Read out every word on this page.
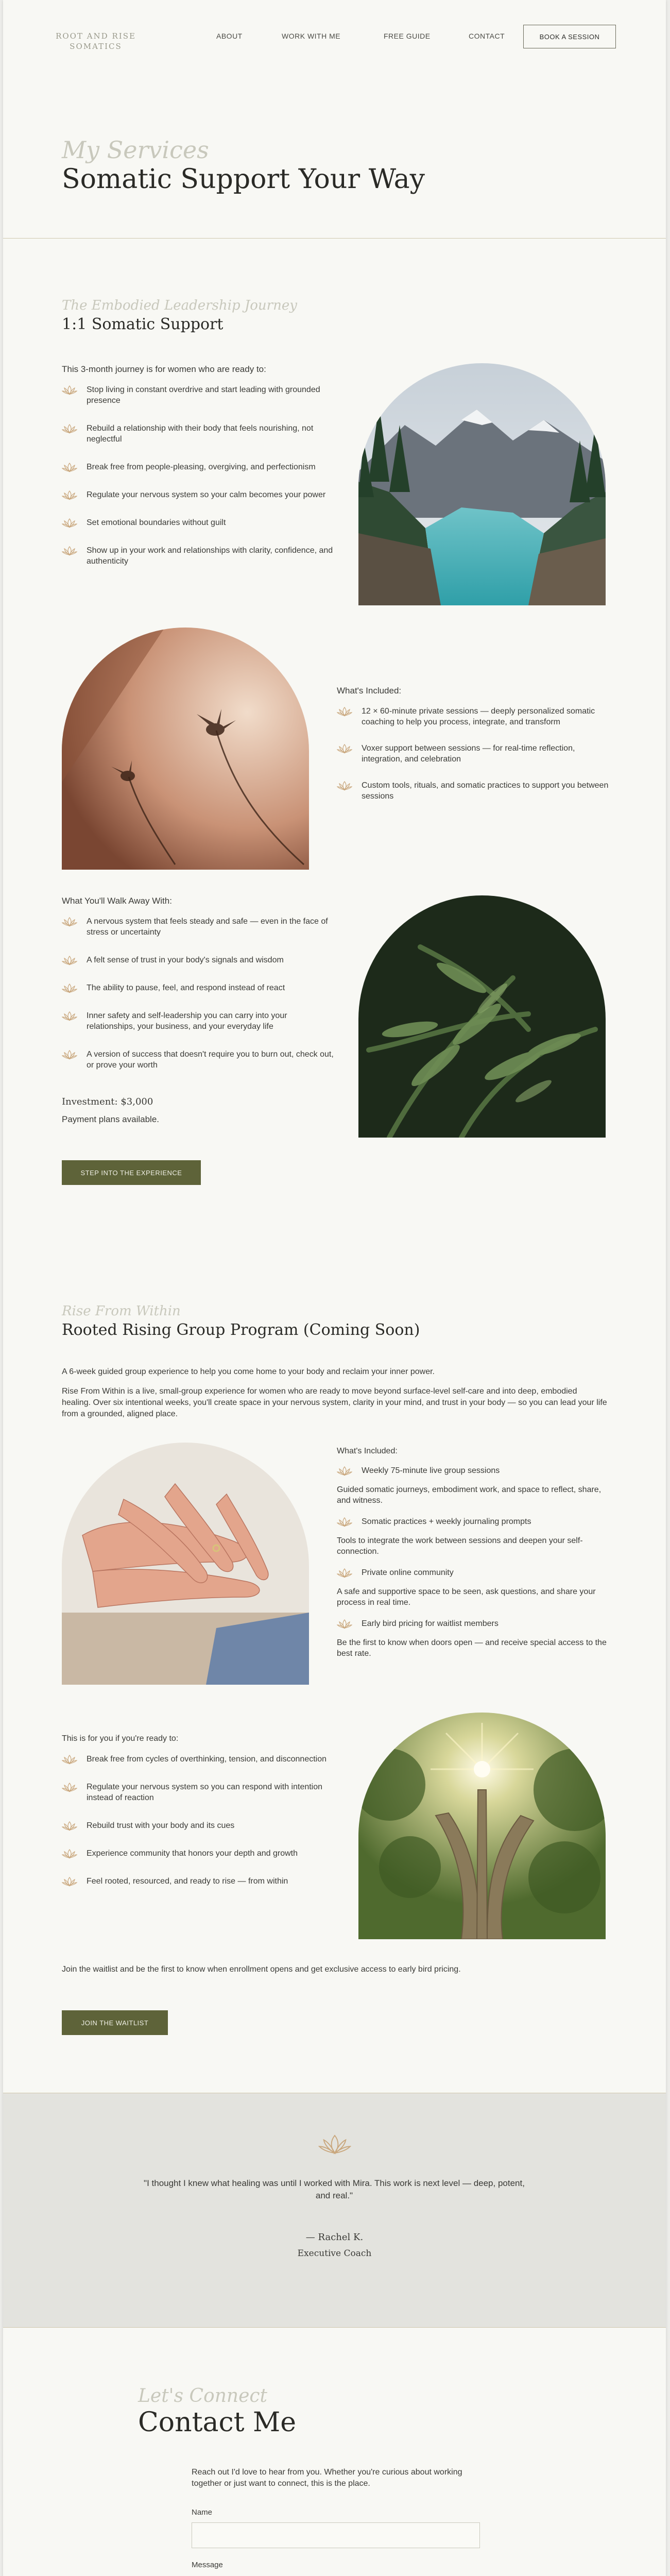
ROOT AND RISE
SOMATICS
ABOUT	WORK WITH ME	FREE GUIDE	CONTACT	BOOK A SESSION
My Services
Somatic Support Your Way
The Embodied Leadership Journey
1:1 Somatic Support
This 3-month journey is for women who are ready to:
Stop living in constant overdrive and start leading with grounded presence
Rebuild a relationship with their body that feels nourishing, not neglectful
Break free from people-pleasing, overgiving, and perfectionism
Regulate your nervous system so your calm becomes your power
Set emotional boundaries without guilt
Show up in your work and relationships with clarity, confidence, and authenticity
What's Included:
12 × 60-minute private sessions — deeply personalized somatic coaching to help you process, integrate, and transform
Voxer support between sessions — for real-time reflection, integration, and celebration
Custom tools, rituals, and somatic practices to support you between sessions
What You'll Walk Away With:
A nervous system that feels steady and safe — even in the face of stress or uncertainty
A felt sense of trust in your body's signals and wisdom
The ability to pause, feel, and respond instead of react
Inner safety and self-leadership you can carry into your relationships, your business, and your everyday life
A version of success that doesn't require you to burn out, check out, or prove your worth
Investment: $3,000
Payment plans available.
STEP INTO THE EXPERIENCE
Rise From Within
Rooted Rising Group Program (Coming Soon)
A 6-week guided group experience to help you come home to your body and reclaim your inner power.
Rise From Within is a live, small-group experience for women who are ready to move beyond surface-level self-care and into deep, embodied healing. Over six intentional weeks, you'll create space in your nervous system, clarity in your mind, and trust in your body — so you can lead your life from a grounded, aligned place.
What's Included:
Weekly 75-minute live group sessions
Guided somatic journeys, embodiment work, and space to reflect, share, and witness.
Somatic practices + weekly journaling prompts
Tools to integrate the work between sessions and deepen your self-connection.
Private online community
A safe and supportive space to be seen, ask questions, and share your process in real time.
Early bird pricing for waitlist members
Be the first to know when doors open — and receive special access to the best rate.
This is for you if you're ready to:
Break free from cycles of overthinking, tension, and disconnection
Regulate your nervous system so you can respond with intention instead of reaction
Rebuild trust with your body and its cues
Experience community that honors your depth and growth
Feel rooted, resourced, and ready to rise — from within
Join the waitlist and be the first to know when enrollment opens and get exclusive access to early bird pricing.
JOIN THE WAITLIST
"I thought I knew what healing was until I worked with Mira. This work is next level — deep, potent, and real."
— Rachel K.
Executive Coach
Let's Connect
Contact Me
Reach out I'd love to hear from you. Whether you're curious about working together or just want to connect, this is the place.
Name
Message
